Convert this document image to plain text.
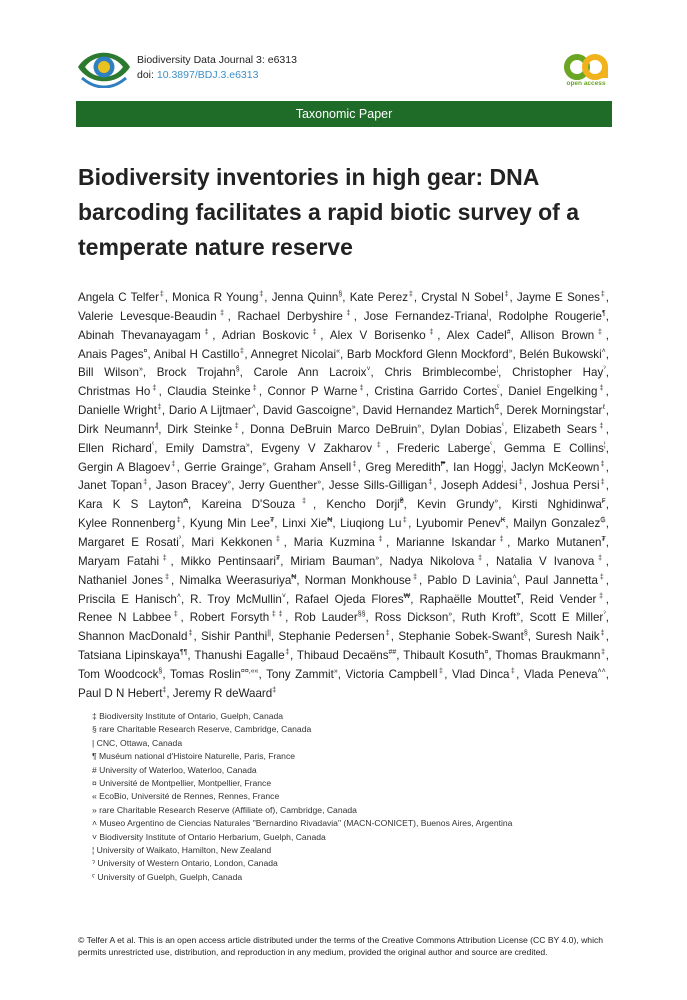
Biodiversity Data Journal 3: e6313
doi: 10.3897/BDJ.3.e6313
open access
Taxonomic Paper
Biodiversity inventories in high gear: DNA barcoding facilitates a rapid biotic survey of a temperate nature reserve
Angela C Telfer‡, Monica R Young‡, Jenna Quinn§, Kate Perez‡, Crystal N Sobel‡, Jayme E Sones‡, Valerie Levesque-Beaudin‡, Rachael Derbyshire‡, Jose Fernandez-Triana|, Rodolphe Rougerie¶, Abinah Thevanayagam‡, Adrian Boskovic‡, Alex V Borisenko‡, Alex Cadel#, Allison Brown‡, Anais Pages¤, Anibal H Castillo‡, Annegret Nicolai«, Barb Mockford Glenn Mockford», Belén Bukowski˄, Bill Wilson», Brock Trojahn§, Carole Ann Lacroix˅, Chris Brimblecombe¦, Christopher Hay$^ˀ$, Christmas Ho‡, Claudia Steinke‡, Connor P Warne‡, Cristina Garrido Cortes$^ˁ$, Daniel Engelking‡, Danielle Wright‡, Dario A Lijtmaer˄, David Gascoigne», David Hernandez Martich₵, Derek Morningstar$^\ell$, Dirk Neumann₰, Dirk Steinke‡, Donna DeBruin Marco DeBruin», Dylan Dobias$^ˁ$, Elizabeth Sears‡, Ellen Richard$^ˁ$, Emily Damstra», Evgeny V Zakharov‡, Frederic Laberge$^ˁ$, Gemma E Collins¦, Gergin A Blagoev‡, Gerrie Grainge», Graham Ansell‡, Greg Meredith₱, Ian Hogg¦, Jaclyn McKeown‡, Janet Topan‡, Jason Bracey», Jerry Guenther», Jesse Sills-Gilligan‡, Joseph Addesi‡, Joshua Persi‡, Kara K S Layton₳, Kareina D'Souza‡, Kencho Dorji₴, Kevin Grundy», Kirsti Nghidinwa₣, Kylee Ronnenberg‡, Kyung Min Lee₮, Linxi Xie₦, Liuqiong Lu‡, Lyubomir Penev₭, Mailyn Gonzalez₲, Margaret E Rosati$^ˀ$, Mari Kekkonen‡, Maria Kuzmina‡, Marianne Iskandar‡, Marko Mutanen₮, Maryam Fatahi‡, Mikko Pentinsaari₮, Miriam Bauman», Nadya Nikolova‡, Natalia V Ivanova‡, Nathaniel Jones‡, Nimalka Weerasuriya₦, Norman Monkhouse‡, Pablo D Lavinia˄, Paul Jannetta‡, Priscila E Hanisch˄, R. Troy McMullin˅, Rafael Ojeda Flores₩, Raphaëlle Mouttet₸, Reid Vender‡, Renee N Labbee‡, Robert Forsyth‡‡, Rob Lauder§§, Ross Dickson», Ruth Kroft», Scott E Miller$^ˀ$, Shannon MacDonald‡, Sishir Panthi||, Stephanie Pedersen‡, Stephanie Sobek-Swant§, Suresh Naik‡, Tatsiana Lipinskaya¶¶, Thanushi Eagalle‡, Thibaud Decaëns##, Thibault Kosuth¤, Thomas Braukmann‡, Tom Woodcock§, Tomas Roslin¤¤,««, Tony Zammit», Victoria Campbell‡, Vlad Dinca‡, Vlada Peneva˄˄, Paul D N Hebert‡, Jeremy R deWaard‡
‡ Biodiversity Institute of Ontario, Guelph, Canada
§ rare Charitable Research Reserve, Cambridge, Canada
| CNC, Ottawa, Canada
¶ Muséum national d'Histoire Naturelle, Paris, France
# University of Waterloo, Waterloo, Canada
¤ Université de Montpellier, Montpellier, France
« EcoBio, Université de Rennes, Rennes, France
» rare Charitable Research Reserve (Affiliate of), Cambridge, Canada
˄ Museo Argentino de Ciencias Naturales "Bernardino Rivadavia" (MACN-CONICET), Buenos Aires, Argentina
˅ Biodiversity Institute of Ontario Herbarium, Guelph, Canada
¦ University of Waikato, Hamilton, New Zealand
ˀ University of Western Ontario, London, Canada
ˁ University of Guelph, Guelph, Canada
© Telfer A et al. This is an open access article distributed under the terms of the Creative Commons Attribution License (CC BY 4.0), which permits unrestricted use, distribution, and reproduction in any medium, provided the original author and source are credited.
